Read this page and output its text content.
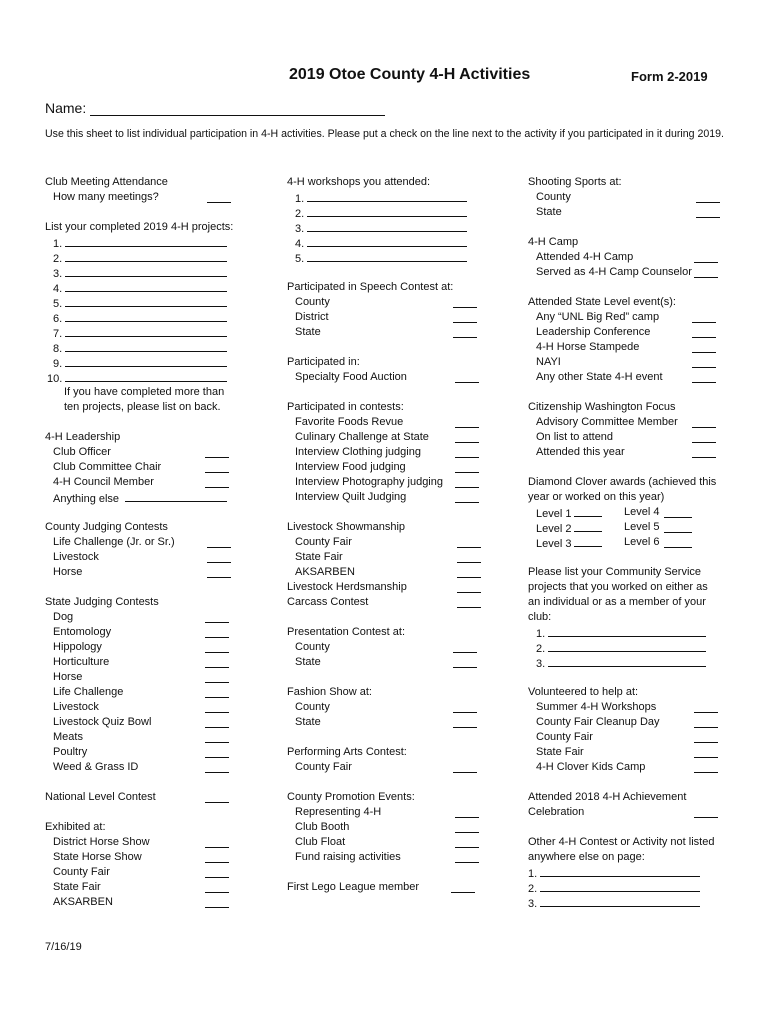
2019 Otoe County 4-H Activities	Form 2-2019
Name:
Use this sheet to list individual participation in 4-H activities. Please put a check on the line next to the activity if you participated in it during 2019.
Club Meeting Attendance
How many meetings?
List your completed 2019 4-H projects:
1.
2.
3.
4.
5.
6.
7.
8.
9.
10.
If you have completed more than
ten projects, please list on back.
4-H Leadership
Club Officer
Club Committee Chair
4-H Council Member
Anything else
County Judging Contests
Life Challenge (Jr. or Sr.)
Livestock
Horse
State Judging Contests
Dog
Entomology
Hippology
Horticulture
Horse
Life Challenge
Livestock
Livestock Quiz Bowl
Meats
Poultry
Weed & Grass ID
National Level Contest
Exhibited at:
District Horse Show
State Horse Show
County Fair
State Fair
AKSARBEN
4-H workshops you attended:
1.
2.
3.
4.
5.
Participated in Speech Contest at:
County
District
State
Participated in:
Specialty Food Auction
Participated in contests:
Favorite Foods Revue
Culinary Challenge at State
Interview Clothing judging
Interview Food judging
Interview Photography judging
Interview Quilt Judging
Livestock Showmanship
County Fair
State Fair
AKSARBEN
Livestock Herdsmanship
Carcass Contest
Presentation Contest at:
County
State
Fashion Show at:
County
State
Performing Arts Contest:
County Fair
County Promotion Events:
Representing 4-H
Club Booth
Club Float
Fund raising activities
First Lego League member
Shooting Sports at:
County
State
4-H Camp
Attended 4-H Camp
Served as 4-H Camp Counselor
Attended State Level event(s):
Any “UNL Big Red” camp
Leadership Conference
4-H Horse Stampede
NAYI
Any other State 4-H event
Citizenship Washington Focus
Advisory Committee Member
On list to attend
Attended this year
Diamond Clover awards (achieved this
year or worked on this year)
Level 1	Level 4
Level 2	Level 5
Level 3	Level 6
Please list your Community Service
projects that you worked on either as
an individual or as a member of your
club:
1.
2.
3.
Volunteered to help at:
Summer 4-H Workshops
County Fair Cleanup Day
County Fair
State Fair
4-H Clover Kids Camp
Attended 2018 4-H Achievement
Celebration
Other 4-H Contest or Activity not listed
anywhere else on page:
1.
2.
3.
7/16/19
